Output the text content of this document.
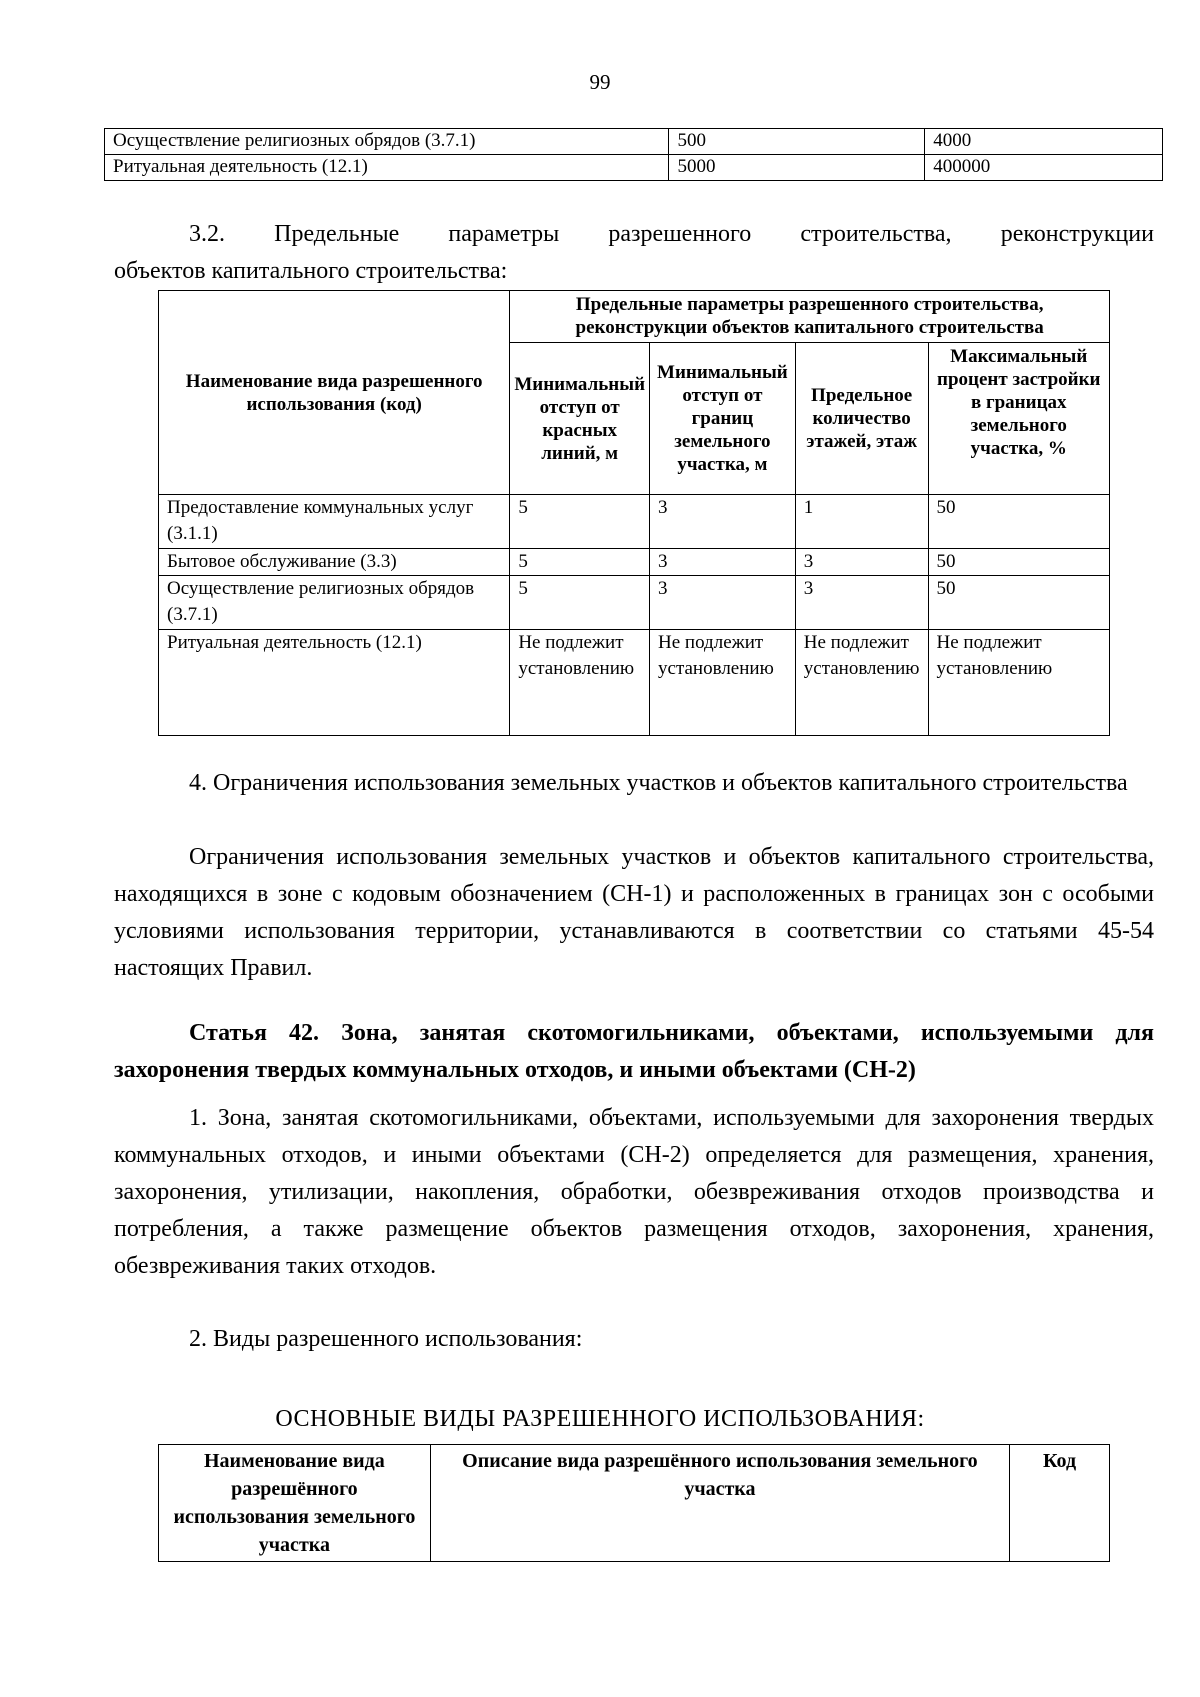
99
Осуществление религиозных обрядов (3.7.1)	500	4000
Ритуальная деятельность (12.1)	5000	400000
3.2. Предельные параметры разрешенного строительства, реконструкции
объектов капитального строительства:
Наименование вида разрешенного использования (код)	Предельные параметры разрешенного строительства, реконструкции объектов капитального строительства			
	Минимальный отступ от красных линий, м	Минимальный отступ от границ земельного участка, м	Предельное количество этажей, этаж	Максимальный процент застройки в границах земельного участка, %
Предоставление коммунальных услуг (3.1.1)	5	3	1	50
Бытовое обслуживание (3.3)	5	3	3	50
Осуществление религиозных обрядов (3.7.1)	5	3	3	50
Ритуальная деятельность (12.1)	Не подлежит установлению	Не подлежит установлению	Не подлежит установлению	Не подлежит установлению
4. Ограничения использования земельных участков и объектов капитального строительства
Ограничения использования земельных участков и объектов капитального строительства, находящихся в зоне с кодовым обозначением (СН-1) и расположенных в границах зон с особыми условиями использования территории, устанавливаются в соответствии со статьями 45-54 настоящих Правил.
Статья 42. Зона, занятая скотомогильниками, объектами, используемыми для захоронения твердых коммунальных отходов, и иными объектами (СН-2)
1. Зона, занятая скотомогильниками, объектами, используемыми для захоронения твердых коммунальных отходов, и иными объектами (СН-2) определяется для размещения, хранения, захоронения, утилизации, накопления, обработки, обезвреживания отходов производства и потребления, а также размещение объектов размещения отходов, захоронения, хранения, обезвреживания таких отходов.
2. Виды разрешенного использования:
ОСНОВНЫЕ ВИДЫ РАЗРЕШЕННОГО ИСПОЛЬЗОВАНИЯ:
Наименование вида разрешённого использования земельного участка	Описание вида разрешённого использования земельного участка	Код
